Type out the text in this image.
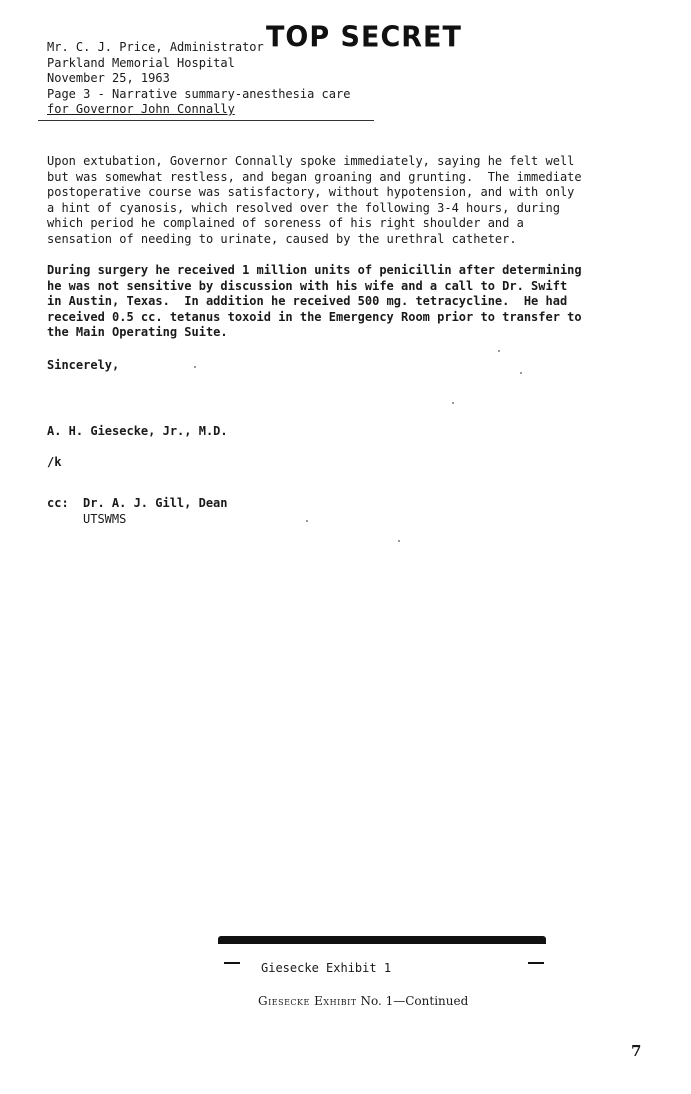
TOP SECRET
Mr. C. J. Price, Administrator
Parkland Memorial Hospital
November 25, 1963
Page 3 - Narrative summary-anesthesia care
for Governor John Connally
Upon extubation, Governor Connally spoke immediately, saying he felt well
but was somewhat restless, and began groaning and grunting.  The immediate
postoperative course was satisfactory, without hypotension, and with only
a hint of cyanosis, which resolved over the following 3-4 hours, during
which period he complained of soreness of his right shoulder and a
sensation of needing to urinate, caused by the urethral catheter.
During surgery he received 1 million units of penicillin after determining
he was not sensitive by discussion with his wife and a call to Dr. Swift
in Austin, Texas.  In addition he received 500 mg. tetracycline.  He had
received 0.5 cc. tetanus toxoid in the Emergency Room prior to transfer to
the Main Operating Suite.
Sincerely,
A. H. Giesecke, Jr., M.D.
/k
cc: Dr. A. J. Gill, Dean
UTSWMS
Giesecke Exhibit 1
Giesecke Exhibit No. 1—Continued
7
